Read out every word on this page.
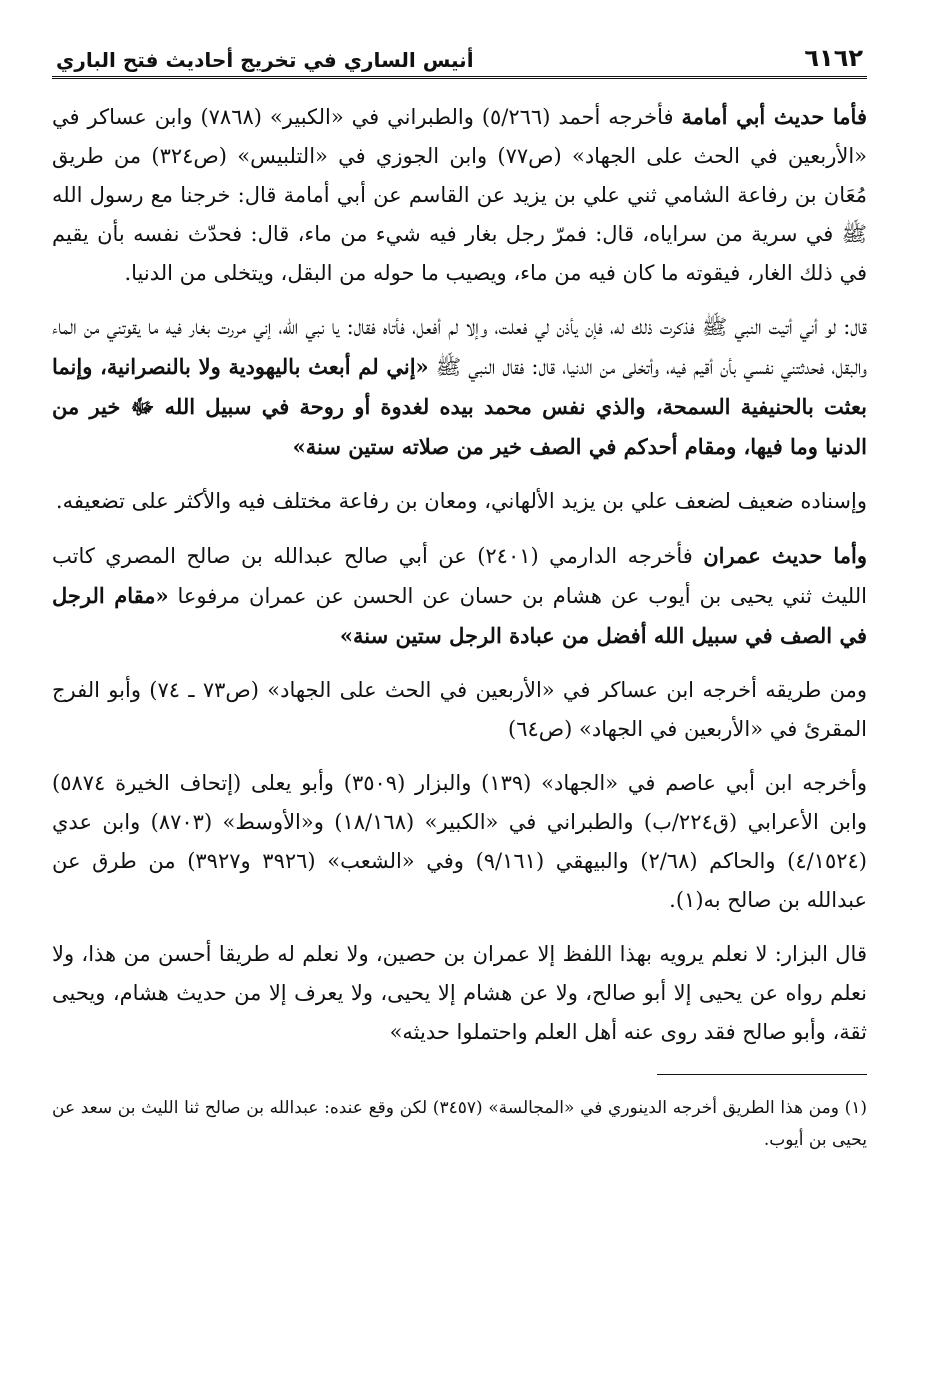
٦١٦٢
أنيس الساري في تخريج أحاديث فتح الباري

فأما حديث أبي أمامة فأخرجه أحمد (٥/٢٦٦) والطبراني في «الكبير» (٧٨٦٨) وابن عساكر في «الأربعين في الحث على الجهاد» (ص٧٧) وابن الجوزي في «التلبيس» (ص٣٢٤) من طريق مُعَان بن رفاعة الشامي ثني علي بن يزيد عن القاسم عن أبي أمامة قال: خرجنا مع رسول الله ﷺ في سرية من سراياه، قال: فمرّ رجل بغار فيه شيء من ماء، قال: فحدّث نفسه بأن يقيم في ذلك الغار، فيقوته ما كان فيه من ماء، ويصيب ما حوله من البقل، ويتخلى من الدنيا.

قال: لو أني أتيت النبي ﷺ فذكرت ذلك له، فإن يأذن لي فعلت، وإلا لم أفعل، فأتاه فقال: يا نبي الله، إني مررت بغار فيه ما يقوتني من الماء والبقل، فحدثتني نفسي بأن أقيم فيه، وأتخلى من الدنيا، قال: فقال النبي ﷺ «إني لم أبعث باليهودية ولا بالنصرانية، وإنما بعثت بالحنيفية السمحة، والذي نفس محمد بيده لغدوة أو روحة في سبيل الله ﷻ خير من الدنيا وما فيها، ومقام أحدكم في الصف خير من صلاته ستين سنة»

وإسناده ضعيف لضعف علي بن يزيد الألهاني، ومعان بن رفاعة مختلف فيه والأكثر على تضعيفه.

وأما حديث عمران فأخرجه الدارمي (٢٤٠١) عن أبي صالح عبدالله بن صالح المصري كاتب الليث ثني يحيى بن أيوب عن هشام بن حسان عن الحسن عن عمران مرفوعا «مقام الرجل في الصف في سبيل الله أفضل من عبادة الرجل ستين سنة»

ومن طريقه أخرجه ابن عساكر في «الأربعين في الحث على الجهاد» (ص٧٣ ـ ٧٤) وأبو الفرج المقرئ في «الأربعين في الجهاد» (ص٦٤)

وأخرجه ابن أبي عاصم في «الجهاد» (١٣٩) والبزار (٣٥٠٩) وأبو يعلى (إتحاف الخيرة ٥٨٧٤) وابن الأعرابي (ق٢٢٤/ب) والطبراني في «الكبير» (١٨/١٦٨) و«الأوسط» (٨٧٠٣) وابن عدي (٤/١٥٢٤) والحاكم (٢/٦٨) والبيهقي (٩/١٦١) وفي «الشعب» (٣٩٢٦ و٣٩٢٧) من طرق عن عبدالله بن صالح به(١).

قال البزار: لا نعلم يرويه بهذا اللفظ إلا عمران بن حصين، ولا نعلم له طريقا أحسن من هذا، ولا نعلم رواه عن يحيى إلا أبو صالح، ولا عن هشام إلا يحيى، ولا يعرف إلا من حديث هشام، ويحيى ثقة، وأبو صالح فقد روى عنه أهل العلم واحتملوا حديثه»

(١) ومن هذا الطريق أخرجه الدينوري في «المجالسة» (٣٤٥٧) لكن وقع عنده: عبدالله بن صالح ثنا الليث بن سعد عن يحيى بن أيوب.
